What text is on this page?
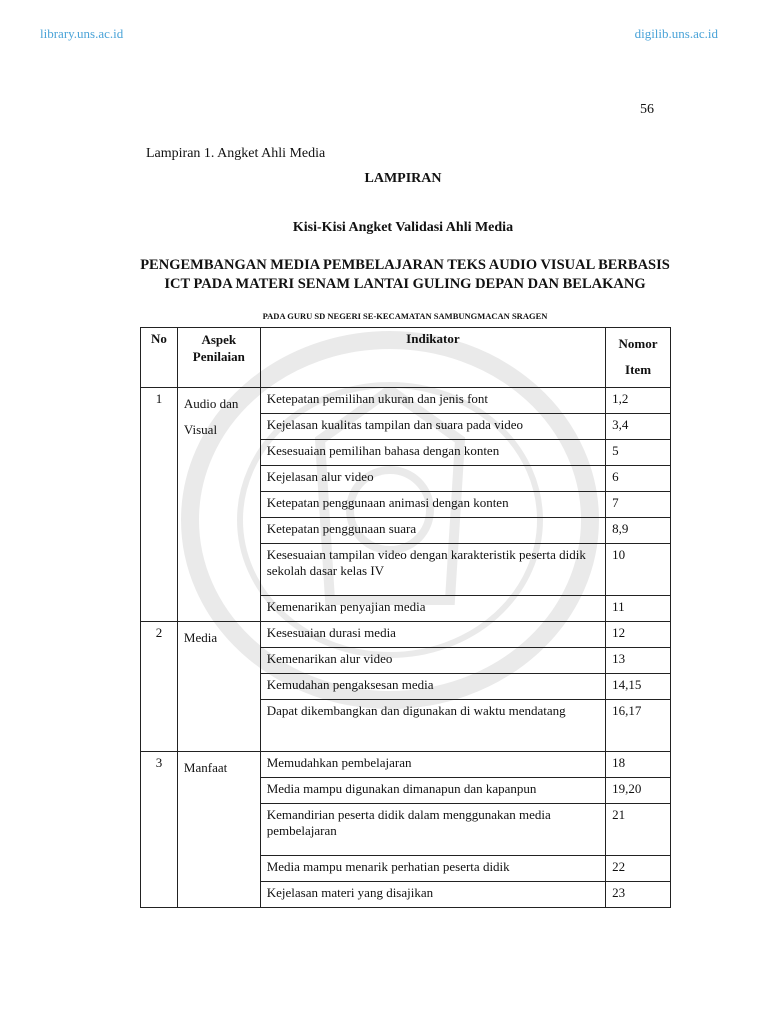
library.uns.ac.id	digilib.uns.ac.id
56
Lampiran 1. Angket Ahli Media
LAMPIRAN
Kisi-Kisi Angket Validasi Ahli Media
PENGEMBANGAN MEDIA PEMBELAJARAN TEKS AUDIO VISUAL BERBASIS ICT PADA MATERI SENAM LANTAI GULING DEPAN DAN BELAKANG
PADA GURU SD NEGERI SE-KECAMATAN SAMBUNGMACAN SRAGEN
No	Aspek Penilaian	Indikator	Nomor Item
1	Audio dan Visual	Ketepatan pemilihan ukuran dan jenis font	1,2
		Kejelasan kualitas tampilan dan suara pada video	3,4
		Kesesuaian pemilihan bahasa dengan konten	5
		Kejelasan alur video	6
		Ketepatan penggunaan animasi dengan konten	7
		Ketepatan penggunaan suara	8,9
		Kesesuaian tampilan video dengan karakteristik peserta didik sekolah dasar kelas IV	10
		Kemenarikan penyajian media	11
2	Media	Kesesuaian durasi media	12
		Kemenarikan alur video	13
		Kemudahan pengaksesan media	14,15
		Dapat dikembangkan dan digunakan di waktu mendatang	16,17
3	Manfaat	Memudahkan pembelajaran	18
		Media mampu digunakan dimanapun dan kapanpun	19,20
		Kemandirian peserta didik dalam menggunakan media pembelajaran	21
		Media mampu menarik perhatian peserta didik	22
		Kejelasan materi yang disajikan	23
